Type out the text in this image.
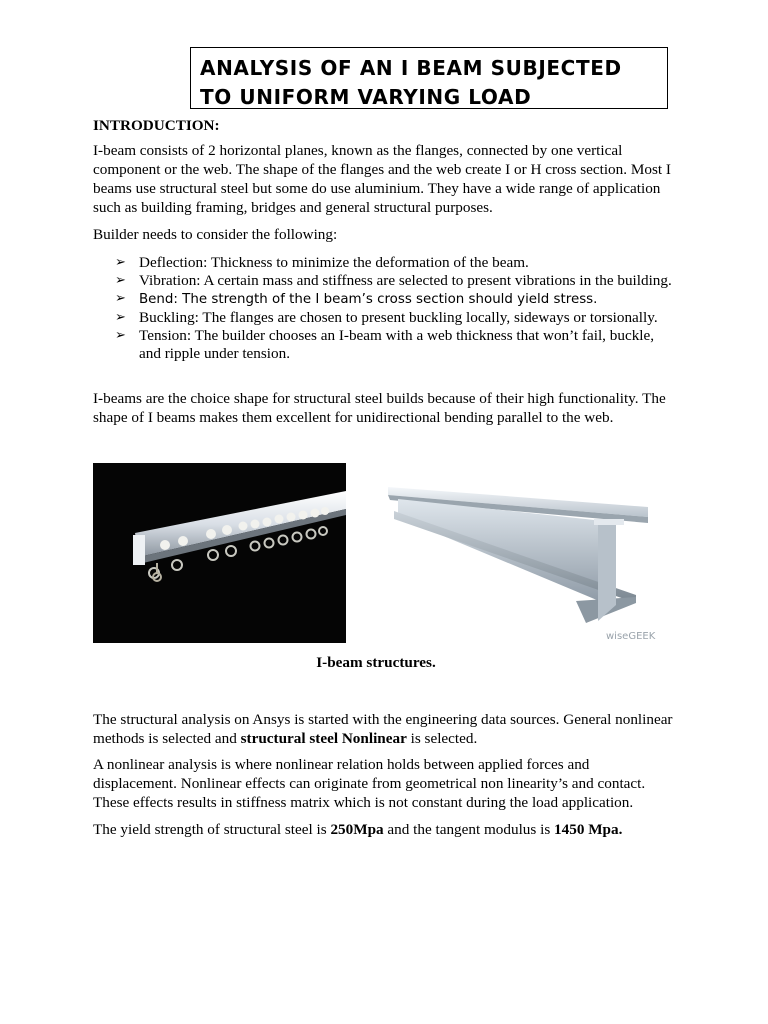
ANALYSIS OF AN I BEAM SUBJECTED
TO UNIFORM VARYING LOAD

INTRODUCTION:

I-beam consists of 2 horizontal planes, known as the flanges, connected by one vertical component or the web. The shape of the flanges and the web create I or H cross section. Most I beams use structural steel but some do use aluminium. They have a wide range of application such as building framing, bridges and general structural purposes.

Builder needs to consider the following:

➢ Deflection: Thickness to minimize the deformation of the beam.
➢ Vibration: A certain mass and stiffness are selected to present vibrations in the building.
➢ Bend: The strength of the I beam’s cross section should yield stress.
➢ Buckling: The flanges are chosen to present buckling locally, sideways or torsionally.
➢ Tension: The builder chooses an I-beam with a web thickness that won’t fail, buckle, and ripple under tension.

I-beams are the choice shape for structural steel builds because of their high functionality. The shape of I beams makes them excellent for unidirectional bending parallel to the web.

wiseGEEK
I-beam structures.

The structural analysis on Ansys is started with the engineering data sources. General nonlinear methods is selected and structural steel Nonlinear is selected.

A nonlinear analysis is where nonlinear relation holds between applied forces and displacement. Nonlinear effects can originate from geometrical non linearity’s and contact. These effects results in stiffness matrix which is not constant during the load application.

The yield strength of structural steel is 250Mpa and the tangent modulus is 1450 Mpa.
